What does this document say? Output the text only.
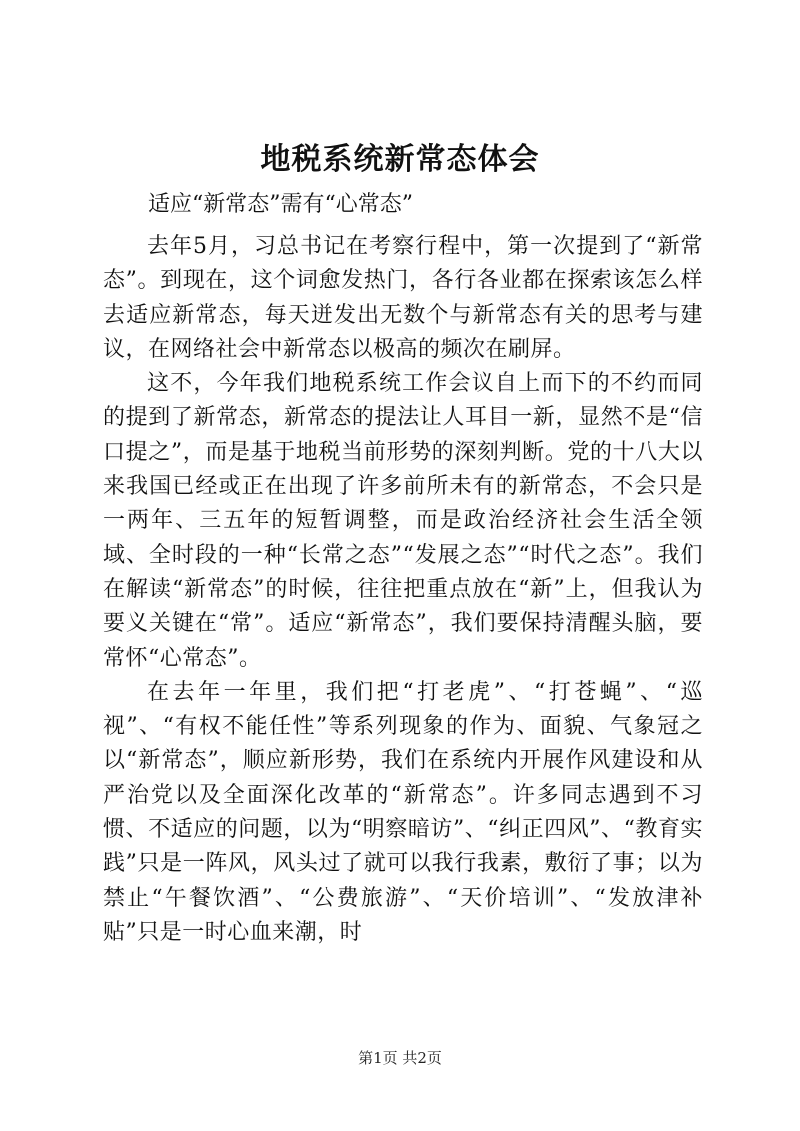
地税系统新常态体会
适应“新常态”需有“心常态”

去年5月，习总书记在考察行程中，第一次提到了“新常态”。到现在，这个词愈发热门，各行各业都在探索该怎么样去适应新常态，每天迸发出无数个与新常态有关的思考与建议，在网络社会中新常态以极高的频次在刷屏。

这不，今年我们地税系统工作会议自上而下的不约而同的提到了新常态，新常态的提法让人耳目一新，显然不是“信口提之”，而是基于地税当前形势的深刻判断。党的十八大以来我国已经或正在出现了许多前所未有的新常态，不会只是一两年、三五年的短暂调整，而是政治经济社会生活全领域、全时段的一种“长常之态”“发展之态”“时代之态”。我们在解读“新常态”的时候，往往把重点放在“新”上，但我认为要义关键在“常”。适应“新常态”，我们要保持清醒头脑，要常怀“心常态”。

在去年一年里，我们把“打老虎”、“打苍蝇”、“巡视”、“有权不能任性”等系列现象的作为、面貌、气象冠之以“新常态”，顺应新形势，我们在系统内开展作风建设和从严治党以及全面深化改革的“新常态”。许多同志遇到不习惯、不适应的问题，以为“明察暗访”、“纠正四风”、“教育实践”只是一阵风，风头过了就可以我行我素，敷衍了事；以为禁止“午餐饮酒”、“公费旅游”、“天价培训”、“发放津补贴”只是一时心血来潮，时

第1页 共2页
